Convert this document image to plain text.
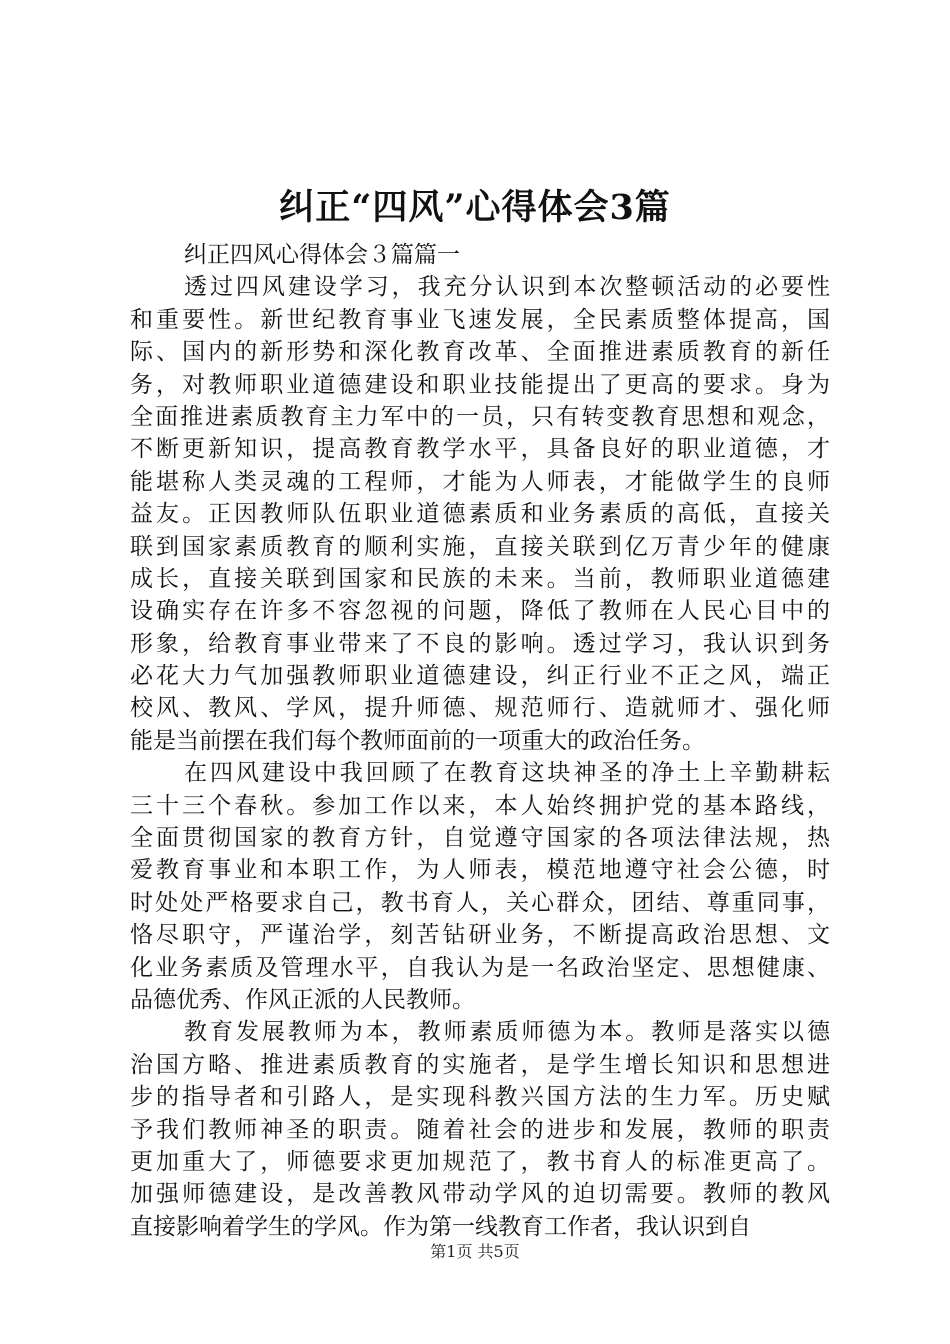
纠正“四风”心得体会3篇
纠正四风心得体会３篇篇一
透过四风建设学习，我充分认识到本次整顿活动的必要性
和重要性。新世纪教育事业飞速发展，全民素质整体提高，国
际、国内的新形势和深化教育改革、全面推进素质教育的新任
务，对教师职业道德建设和职业技能提出了更高的要求。身为
全面推进素质教育主力军中的一员，只有转变教育思想和观念，
不断更新知识，提高教育教学水平，具备良好的职业道德，才
能堪称人类灵魂的工程师，才能为人师表，才能做学生的良师
益友。正因教师队伍职业道德素质和业务素质的高低，直接关
联到国家素质教育的顺利实施，直接关联到亿万青少年的健康
成长，直接关联到国家和民族的未来。当前，教师职业道德建
设确实存在许多不容忽视的问题，降低了教师在人民心目中的
形象，给教育事业带来了不良的影响。透过学习，我认识到务
必花大力气加强教师职业道德建设，纠正行业不正之风，端正
校风、教风、学风，提升师德、规范师行、造就师才、强化师
能是当前摆在我们每个教师面前的一项重大的政治任务。
在四风建设中我回顾了在教育这块神圣的净土上辛勤耕耘
三十三个春秋。参加工作以来，本人始终拥护党的基本路线，
全面贯彻国家的教育方针，自觉遵守国家的各项法律法规，热
爱教育事业和本职工作，为人师表，模范地遵守社会公德，时
时处处严格要求自己，教书育人，关心群众，团结、尊重同事，
恪尽职守，严谨治学，刻苦钻研业务，不断提高政治思想、文
化业务素质及管理水平，自我认为是一名政治坚定、思想健康、
品德优秀、作风正派的人民教师。
教育发展教师为本，教师素质师德为本。教师是落实以德
治国方略、推进素质教育的实施者，是学生增长知识和思想进
步的指导者和引路人，是实现科教兴国方法的生力军。历史赋
予我们教师神圣的职责。随着社会的进步和发展，教师的职责
更加重大了，师德要求更加规范了，教书育人的标准更高了。
加强师德建设，是改善教风带动学风的迫切需要。教师的教风
直接影响着学生的学风。作为第一线教育工作者，我认识到自
第1页 共5页
